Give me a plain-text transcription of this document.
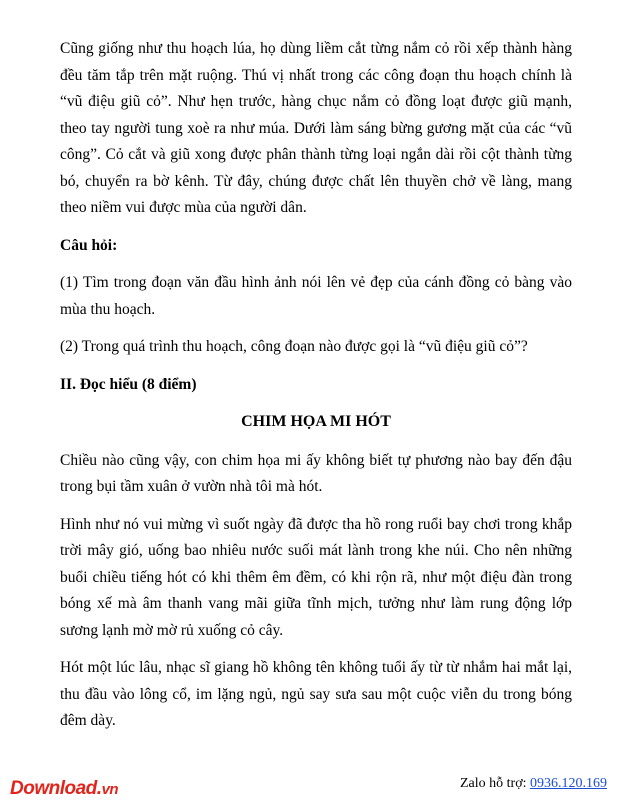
Cũng giống như thu hoạch lúa, họ dùng liềm cắt từng nắm cỏ rồi xếp thành hàng đều tăm tắp trên mặt ruộng. Thú vị nhất trong các công đoạn thu hoạch chính là “vũ điệu giũ cỏ”. Như hẹn trước, hàng chục nắm cỏ đồng loạt được giũ mạnh, theo tay người tung xoè ra như múa. Dưới làm sáng bừng gương mặt của các “vũ công”. Cỏ cắt và giũ xong được phân thành từng loại ngắn dài rồi cột thành từng bó, chuyển ra bờ kênh. Từ đây, chúng được chất lên thuyền chở về làng, mang theo niềm vui được mùa của người dân.

Câu hỏi:

(1) Tìm trong đoạn văn đầu hình ảnh nói lên vẻ đẹp của cánh đồng cỏ bàng vào mùa thu hoạch.

(2) Trong quá trình thu hoạch, công đoạn nào được gọi là “vũ điệu giũ cỏ”?

II. Đọc hiểu (8 điểm)

CHIM HỌA MI HÓT

Chiều nào cũng vậy, con chim họa mi ấy không biết tự phương nào bay đến đậu trong bụi tầm xuân ở vườn nhà tôi mà hót.

Hình như nó vui mừng vì suốt ngày đã được tha hồ rong ruổi bay chơi trong khắp trời mây gió, uống bao nhiêu nước suối mát lành trong khe núi. Cho nên những buổi chiều tiếng hót có khi thêm êm đềm, có khi rộn rã, như một điệu đàn trong bóng xế mà âm thanh vang mãi giữa tĩnh mịch, tưởng như làm rung động lớp sương lạnh mờ mờ rủ xuống cỏ cây.

Hót một lúc lâu, nhạc sĩ giang hồ không tên không tuổi ấy từ từ nhắm hai mắt lại, thu đầu vào lông cổ, im lặng ngủ, ngủ say sưa sau một cuộc viễn du trong bóng đêm dày.

Download.vn	Zalo hỗ trợ: 0936.120.169
